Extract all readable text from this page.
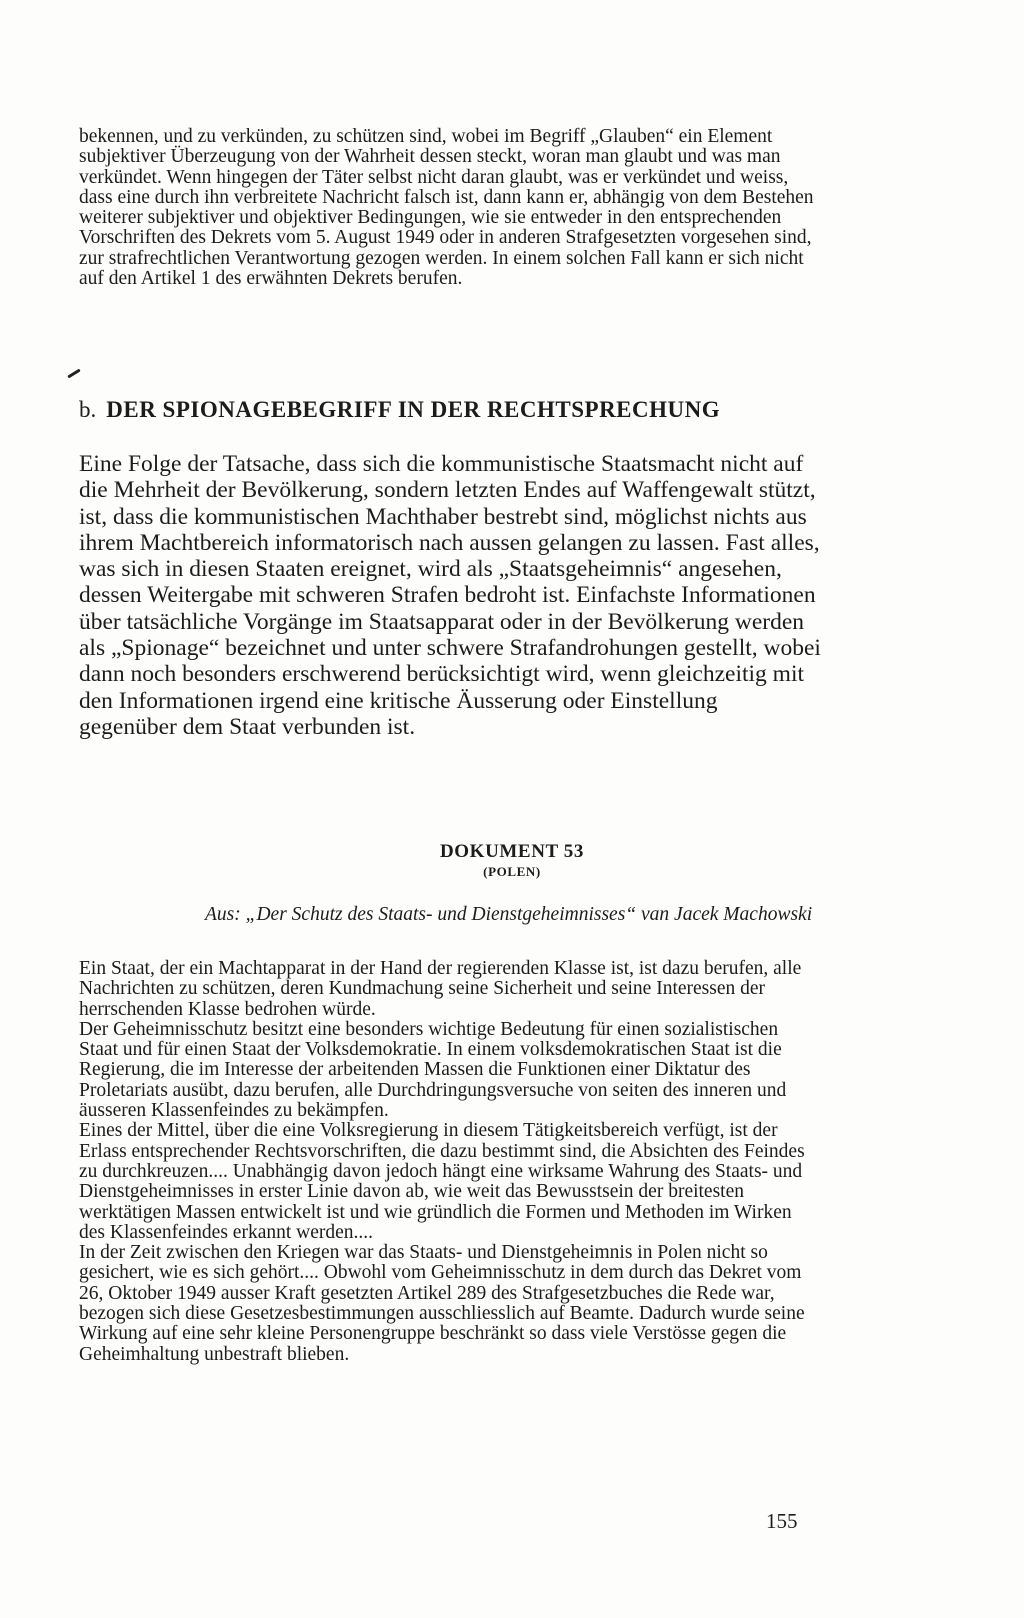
bekennen, und zu verkünden, zu schützen sind, wobei im Begriff „Glauben“ ein Element subjektiver Überzeugung von der Wahrheit dessen steckt, woran man glaubt und was man verkündet. Wenn hingegen der Täter selbst nicht daran glaubt, was er verkündet und weiss, dass eine durch ihn verbreitete Nachricht falsch ist, dann kann er, abhängig von dem Bestehen weiterer subjektiver und objektiver Bedingungen, wie sie entweder in den entsprechenden Vorschriften des Dekrets vom 5. August 1949 oder in anderen Strafgesetzten vorgesehen sind, zur strafrechtlichen Verantwortung gezogen werden. In einem solchen Fall kann er sich nicht auf den Artikel 1 des erwähnten Dekrets berufen.

b. DER SPIONAGEBEGRIFF IN DER RECHTSPRECHUNG

Eine Folge der Tatsache, dass sich die kommunistische Staatsmacht nicht auf die Mehrheit der Bevölkerung, sondern letzten Endes auf Waffengewalt stützt, ist, dass die kommunistischen Machthaber bestrebt sind, möglichst nichts aus ihrem Machtbereich informatorisch nach aussen gelangen zu lassen. Fast alles, was sich in diesen Staaten ereignet, wird als „Staatsgeheimnis“ angesehen, dessen Weitergabe mit schweren Strafen bedroht ist. Einfachste Informationen über tatsächliche Vorgänge im Staatsapparat oder in der Bevölkerung werden als „Spionage“ bezeichnet und unter schwere Strafandrohungen gestellt, wobei dann noch besonders erschwerend berücksichtigt wird, wenn gleichzeitig mit den Informationen irgend eine kritische Äusserung oder Einstellung gegenüber dem Staat verbunden ist.

DOKUMENT 53
(POLEN)

Aus: „Der Schutz des Staats- und Dienstgeheimnisses“ van Jacek Machowski

Ein Staat, der ein Machtapparat in der Hand der regierenden Klasse ist, ist dazu berufen, alle Nachrichten zu schützen, deren Kundmachung seine Sicherheit und seine Interessen der herrschenden Klasse bedrohen würde.

Der Geheimnisschutz besitzt eine besonders wichtige Bedeutung für einen sozialistischen Staat und für einen Staat der Volksdemokratie. In einem volksdemokratischen Staat ist die Regierung, die im Interesse der arbeitenden Massen die Funktionen einer Diktatur des Proletariats ausübt, dazu berufen, alle Durchdringungsversuche von seiten des inneren und äusseren Klassenfeindes zu bekämpfen.

Eines der Mittel, über die eine Volksregierung in diesem Tätigkeitsbereich verfügt, ist der Erlass entsprechender Rechtsvorschriften, die dazu bestimmt sind, die Absichten des Feindes zu durchkreuzen.... Unabhängig davon jedoch hängt eine wirksame Wahrung des Staats- und Dienstgeheimnisses in erster Linie davon ab, wie weit das Bewusstsein der breitesten werktätigen Massen entwickelt ist und wie gründlich die Formen und Methoden im Wirken des Klassenfeindes erkannt werden....

In der Zeit zwischen den Kriegen war das Staats- und Dienstgeheimnis in Polen nicht so gesichert, wie es sich gehört.... Obwohl vom Geheimnisschutz in dem durch das Dekret vom 26, Oktober 1949 ausser Kraft gesetzten Artikel 289 des Strafgesetzbuches die Rede war, bezogen sich diese Gesetzesbestimmungen ausschliesslich auf Beamte. Dadurch wurde seine Wirkung auf eine sehr kleine Personengruppe beschränkt so dass viele Verstösse gegen die Geheimhaltung unbestraft blieben.

155
